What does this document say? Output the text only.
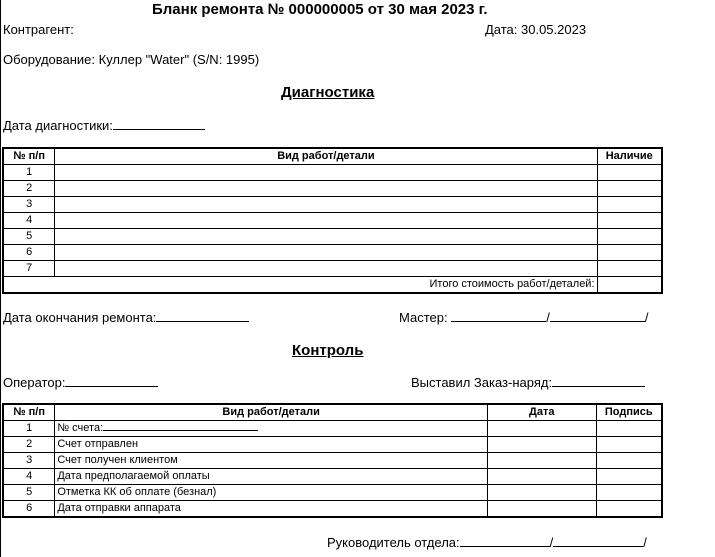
Бланк ремонта № 000000005 от 30 мая 2023 г.
Контрагент:	Дата: 30.05.2023
Оборудование: Куллер "Water" (S/N: 1995)
Диагностика
Дата диагностики:
№ п/п	Вид работ/детали	Наличие
1		
2		
3		
4		
5		
6		
7		
Итого стоимость работ/деталей:		
Дата окончания ремонта:	Мастер:	/	/
Контроль
Оператор:	Выставил Заказ-наряд:
№ п/п	Вид работ/детали	Дата	Подпись
1	№ счета:		
2	Счет отправлен		
3	Счет получен клиентом		
4	Дата предполагаемой оплаты		
5	Отметка КК об оплате (безнал)		
6	Дата отправки аппарата		
Руководитель отдела:	/	/
